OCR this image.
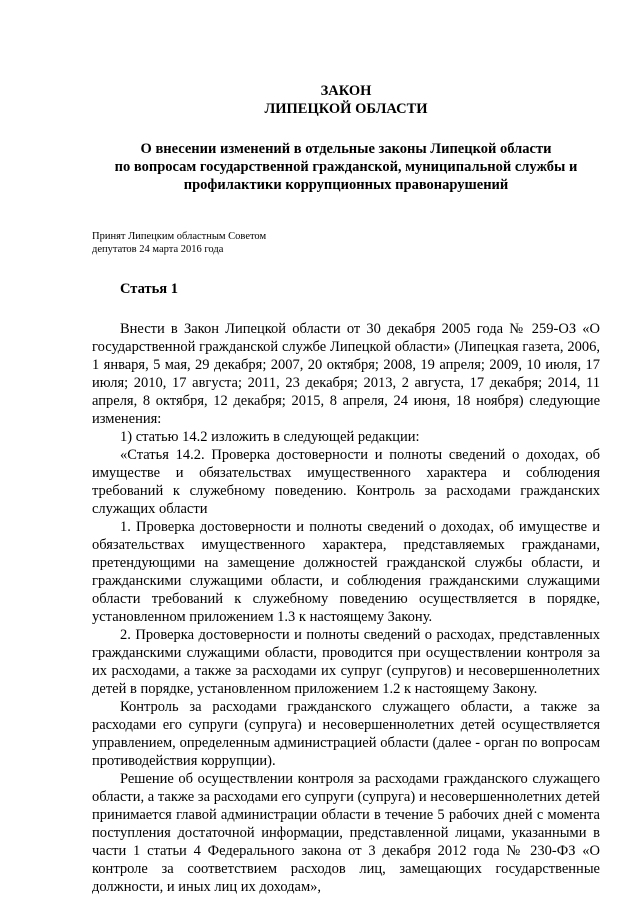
ЗАКОН
ЛИПЕЦКОЙ ОБЛАСТИ

О внесении изменений в отдельные законы Липецкой области
по вопросам государственной гражданской, муниципальной службы и
профилактики коррупционных правонарушений

Принят Липецким областным Советом
депутатов 24 марта 2016 года

Статья 1

Внести в Закон Липецкой области от 30 декабря 2005 года № 259-ОЗ «О государственной гражданской службе Липецкой области» (Липецкая газета, 2006, 1 января, 5 мая, 29 декабря; 2007, 20 октября; 2008, 19 апреля; 2009, 10 июля, 17 июля; 2010, 17 августа; 2011, 23 декабря; 2013, 2 августа, 17 декабря; 2014, 11 апреля, 8 октября, 12 декабря; 2015, 8 апреля, 24 июня, 18 ноября) следующие изменения:

1) статью 14.2 изложить в следующей редакции:

«Статья 14.2. Проверка достоверности и полноты сведений о доходах, об имуществе и обязательствах имущественного характера и соблюдения требований к служебному поведению. Контроль за расходами гражданских служащих области

1. Проверка достоверности и полноты сведений о доходах, об имуществе и обязательствах имущественного характера, представляемых гражданами, претендующими на замещение должностей гражданской службы области, и гражданскими служащими области, и соблюдения гражданскими служащими области требований к служебному поведению осуществляется в порядке, установленном приложением 1.3 к настоящему Закону.

2. Проверка достоверности и полноты сведений о расходах, представленных гражданскими служащими области, проводится при осуществлении контроля за их расходами, а также за расходами их супруг (супругов) и несовершеннолетних детей в порядке, установленном приложением 1.2 к настоящему Закону.

Контроль за расходами гражданского служащего области, а также за расходами его супруги (супруга) и несовершеннолетних детей осуществляется управлением, определенным администрацией области (далее - орган по вопросам противодействия коррупции).

Решение об осуществлении контроля за расходами гражданского служащего области, а также за расходами его супруги (супруга) и несовершеннолетних детей принимается главой администрации области в течение 5 рабочих дней с момента поступления достаточной информации, представленной лицами, указанными в части 1 статьи 4 Федерального закона от 3 декабря 2012 года № 230-ФЗ «О контроле за соответствием расходов лиц, замещающих государственные должности, и иных лиц их доходам»,
